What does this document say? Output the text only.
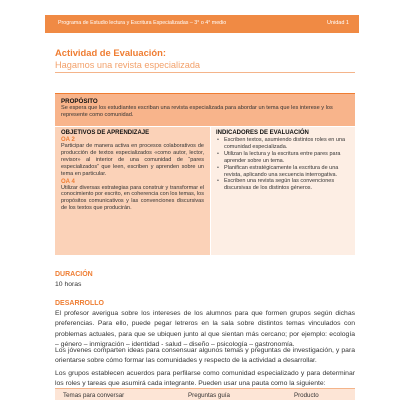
Programa de Estudio lectura y Escritura Especializadas – 3° o 4° medio	Unidad 1
Actividad de Evaluación:
Hagamos una revista especializada
PROPÓSITO
Se espera que los estudiantes escriban una revista especializada para abordar un tema que les interese y los represente como comunidad.
OBJETIVOS DE APRENDIZAJE
OA 2
Participar de manera activa en procesos colaborativos de producción de textos especializados «como autor, lector, revisor» al interior de una comunidad de “pares especializados” que leen, escriben y aprenden sobre un tema en particular.
OA 4
Utilizar diversas estrategias para construir y transformar el conocimiento por escrito, en coherencia con los temas, los propósitos comunicativos y las convenciones discursivas de los textos que producirán.
INDICADORES DE EVALUACIÓN
• Escriben textos, asumiendo distintos roles en una comunidad especializada.
• Utilizan la lectura y la escritura entre pares para aprender sobre un tema.
• Planifican estratégicamente la escritura de una revista, aplicando una secuencia interrogativa.
• Escriben una revista según las convenciones discursivas de los distintos géneros.
DURACIÓN
10 horas
DESARROLLO
El profesor averigua sobre los intereses de los alumnos para que formen grupos según dichas preferencias. Para ello, puede pegar letreros en la sala sobre distintos temas vinculados con problemas actuales, para que se ubiquen junto al que sientan más cercano; por ejemplo: ecología – género – inmigración – identidad - salud – diseño – psicología – gastronomía.
Los jóvenes comparten ideas para consensuar algunos temas y preguntas de investigación, y para orientarse sobre cómo formar las comunidades y respecto de la actividad a desarrollar.
Los grupos establecen acuerdos para perfilarse como comunidad especializado y para determinar los roles y tareas que asumirá cada integrante. Pueden usar una pauta como la siguiente:
Temas para conversar	Preguntas guía	Producto
